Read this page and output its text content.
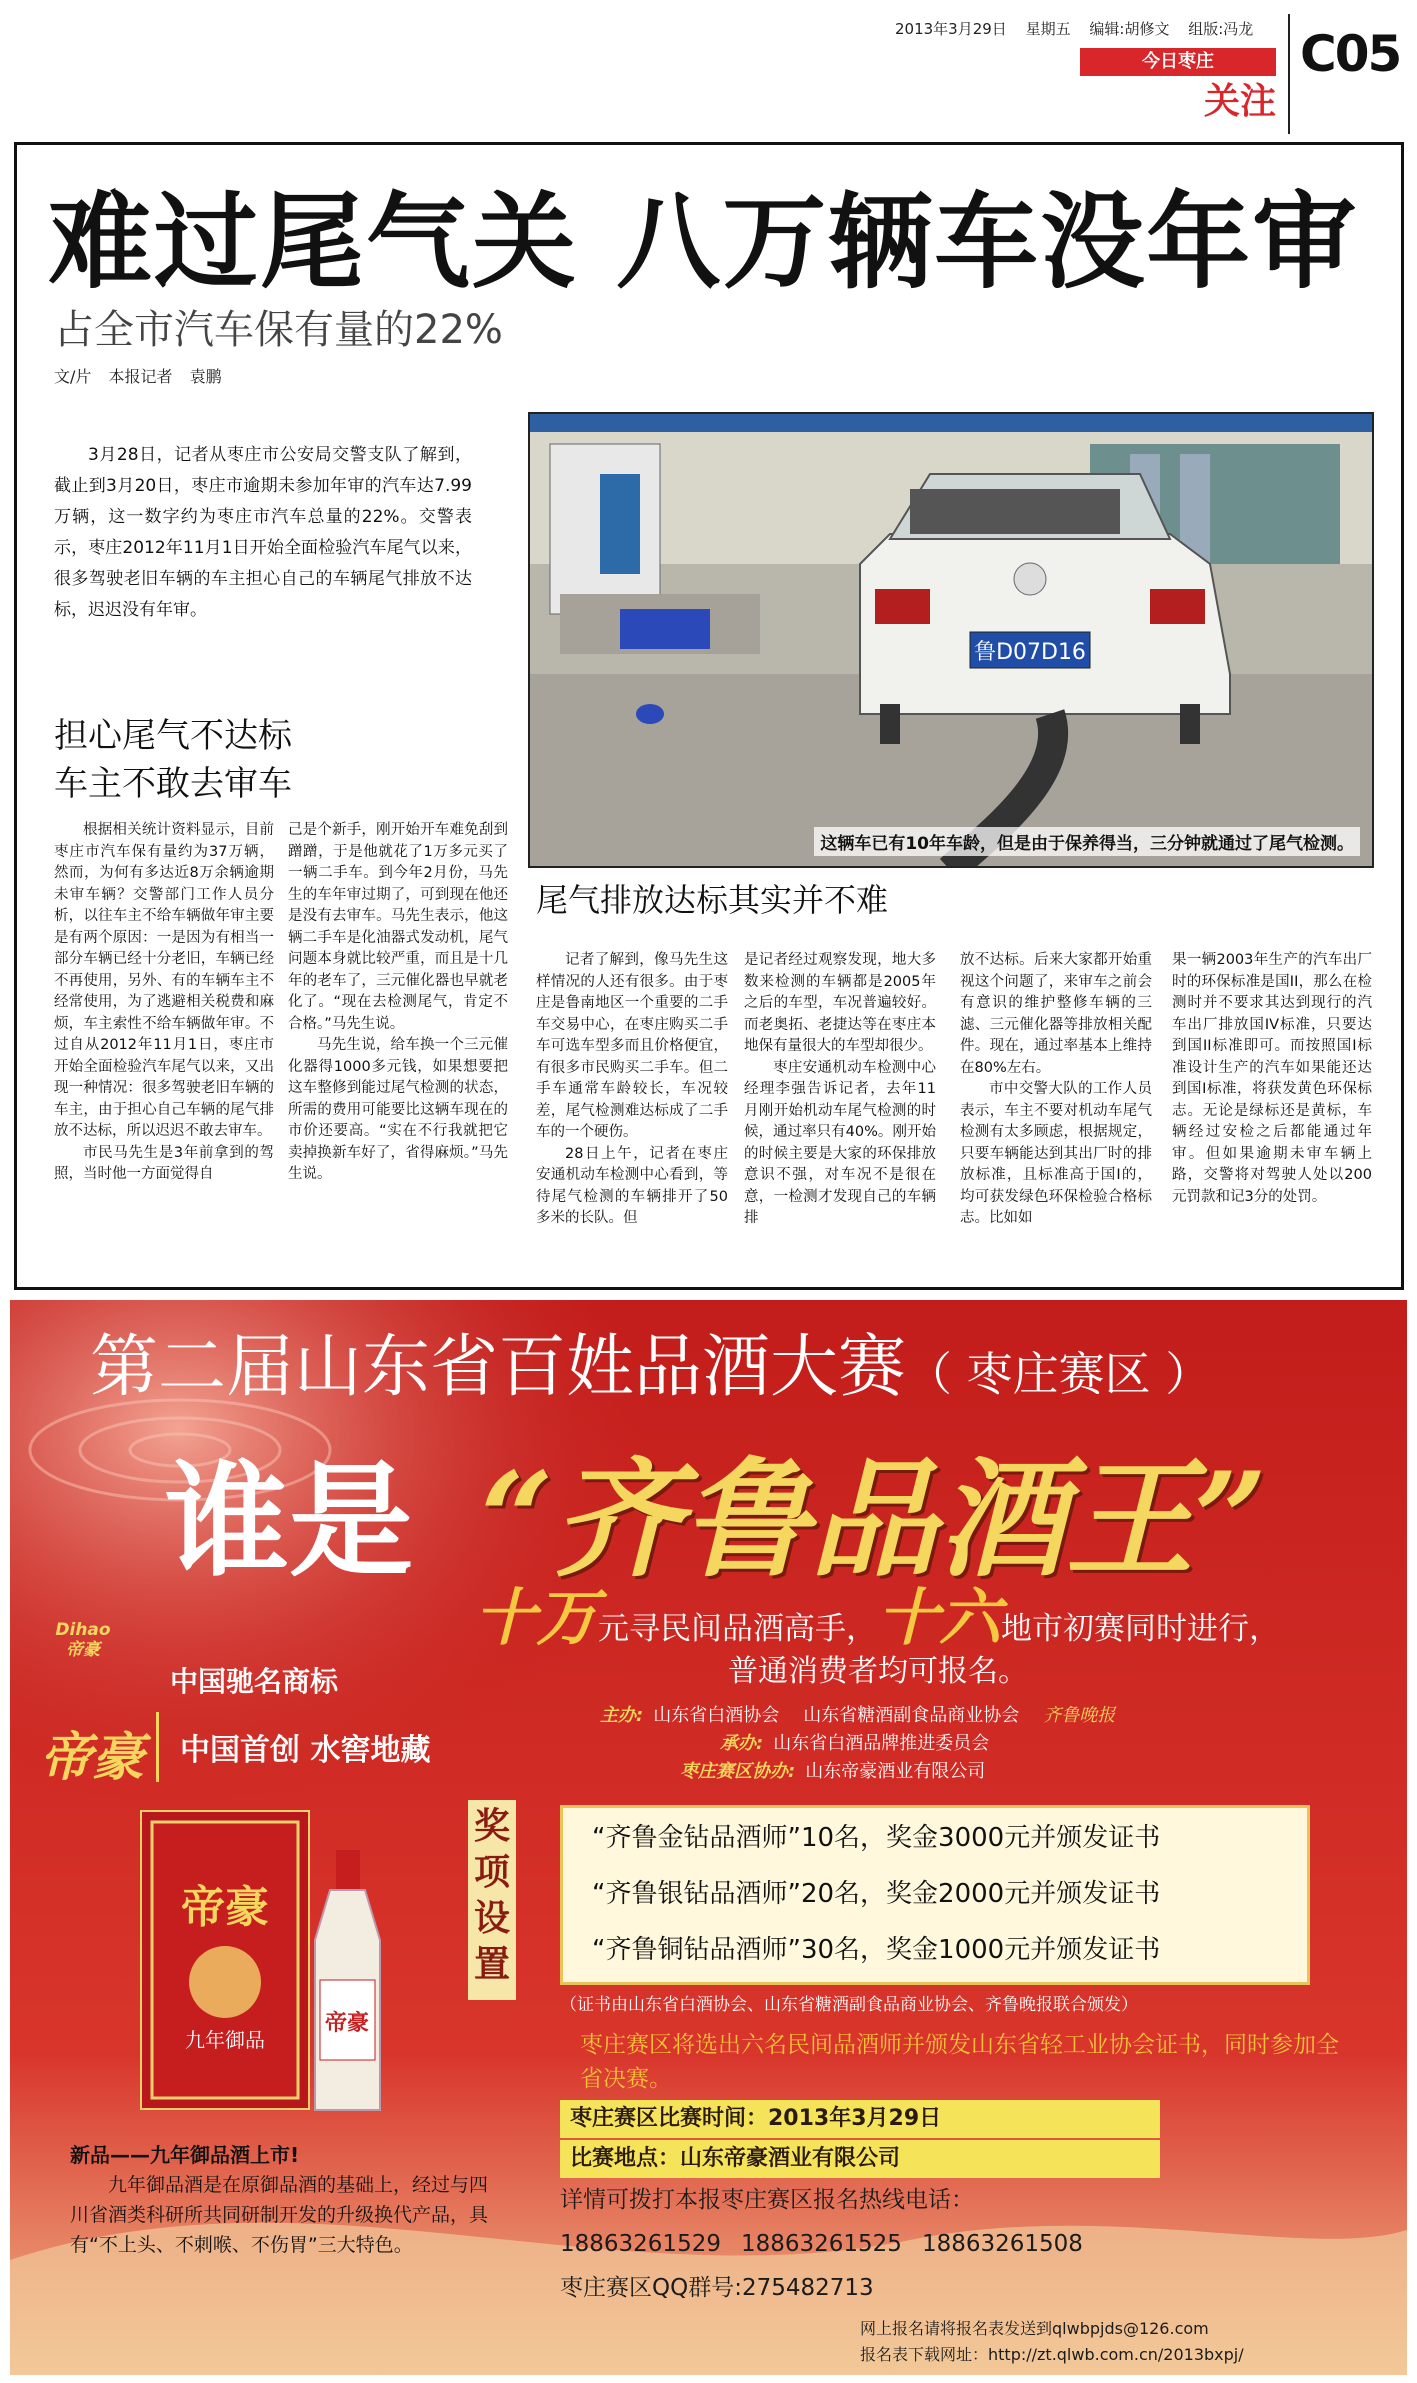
2013年3月29日 星期五 编辑:胡修文 组版:冯龙
今日枣庄
关注
C05
难过尾气关 八万辆车没年审
占全市汽车保有量的22%
文/片 本报记者 袁鹏
3月28日，记者从枣庄市公安局交警支队了解到，截止到3月20日，枣庄市逾期未参加年审的汽车达7.99万辆，这一数字约为枣庄市汽车总量的22%。交警表示，枣庄2012年11月1日开始全面检验汽车尾气以来，很多驾驶老旧车辆的车主担心自己的车辆尾气排放不达标，迟迟没有年审。
鲁D07D16
这辆车已有10年车龄，但是由于保养得当，三分钟就通过了尾气检测。
担心尾气不达标
车主不敢去审车
尾气排放达标其实并不难

根据相关统计资料显示，目前枣庄市汽车保有量约为37万辆，然而，为何有多达近8万余辆逾期未审车辆？交警部门工作人员分析，以往车主不给车辆做年审主要是有两个原因：一是因为有相当一部分车辆已经十分老旧，车辆已经不再使用，另外、有的车辆车主不经常使用，为了逃避相关税费和麻烦，车主索性不给车辆做年审。不过自从2012年11月1日，枣庄市开始全面检验汽车尾气以来，又出现一种情况：很多驾驶老旧车辆的车主，由于担心自己车辆的尾气排放不达标，所以迟迟不敢去审车。

市民马先生是3年前拿到的驾照，当时他一方面觉得自

己是个新手，刚开始开车难免刮到蹭蹭，于是他就花了1万多元买了一辆二手车。到今年2月份，马先生的车年审过期了，可到现在他还是没有去审车。马先生表示，他这辆二手车是化油器式发动机，尾气问题本身就比较严重，而且是十几年的老车了，三元催化器也早就老化了。“现在去检测尾气，肯定不合格。”马先生说。

马先生说，给车换一个三元催化器得1000多元钱，如果想要把这车整修到能过尾气检测的状态，所需的费用可能要比这辆车现在的市价还要高。“实在不行我就把它卖掉换新车好了，省得麻烦。”马先生说。

记者了解到，像马先生这样情况的人还有很多。由于枣庄是鲁南地区一个重要的二手车交易中心，在枣庄购买二手车可选车型多而且价格便宜，有很多市民购买二手车。但二手车通常车龄较长，车况较差，尾气检测难达标成了二手车的一个硬伤。

28日上午，记者在枣庄安通机动车检测中心看到，等待尾气检测的车辆排开了50多米的长队。但

是记者经过观察发现，地大多数来检测的车辆都是2005年之后的车型，车况普遍较好。而老奥拓、老捷达等在枣庄本地保有量很大的车型却很少。

枣庄安通机动车检测中心经理李强告诉记者，去年11月刚开始机动车尾气检测的时候，通过率只有40%。刚开始的时候主要是大家的环保排放意识不强，对车况不是很在意，一检测才发现自己的车辆排

放不达标。后来大家都开始重视这个问题了，来审车之前会有意识的维护整修车辆的三滤、三元催化器等排放相关配件。现在，通过率基本上维持在80%左右。

市中交警大队的工作人员表示，车主不要对机动车尾气检测有太多顾虑，根据规定，只要车辆能达到其出厂时的排放标准，且标准高于国I的，均可获发绿色环保检验合格标志。比如如

果一辆2003年生产的汽车出厂时的环保标准是国II，那么在检测时并不要求其达到现行的汽车出厂排放国IV标准，只要达到国II标准即可。而按照国I标准设计生产的汽车如果能还达到国I标准，将获发黄色环保标志。无论是绿标还是黄标，车辆经过安检之后都能通过年审。但如果逾期未审车辆上路，交警将对驾驶人处以200元罚款和记3分的处罚。

第二届山东省百姓品酒大赛（ 枣庄赛区 ）
谁是 “齐鲁品酒王”
十万元寻民间品酒高手，十六地市初赛同时进行，
普通消费者均可报名。
Dihao
帝豪
中国驰名商标
帝豪 中国首创 水窖地藏
主办: 山东省白酒协会 山东省糖酒副食品商业协会 齐鲁晚报
承办: 山东省白酒品牌推进委员会
枣庄赛区协办: 山东帝豪酒业有限公司
奖项设置
“齐鲁金钻品酒师”10名，奖金3000元并颁发证书
“齐鲁银钻品酒师”20名，奖金2000元并颁发证书
“齐鲁铜钻品酒师”30名，奖金1000元并颁发证书
（证书由山东省白酒协会、山东省糖酒副食品商业协会、齐鲁晚报联合颁发）
枣庄赛区将选出六名民间品酒师并颁发山东省轻工业协会证书，同时参加全省决赛。
枣庄赛区比赛时间：2013年3月29日
比赛地点：山东帝豪酒业有限公司
详情可拨打本报枣庄赛区报名热线电话：
18863261529 18863261525 18863261508
枣庄赛区QQ群号:275482713
网上报名请将报名表发送到qlwbpjds@126.com
报名表下载网址：http://zt.qlwb.com.cn/2013bxpj/
帝豪
九年御品
帝豪

新品——九年御品酒上市!

九年御品酒是在原御品酒的基础上，经过与四川省酒类科研所共同研制开发的升级换代产品，具有“不上头、不刺喉、不伤胃”三大特色。
